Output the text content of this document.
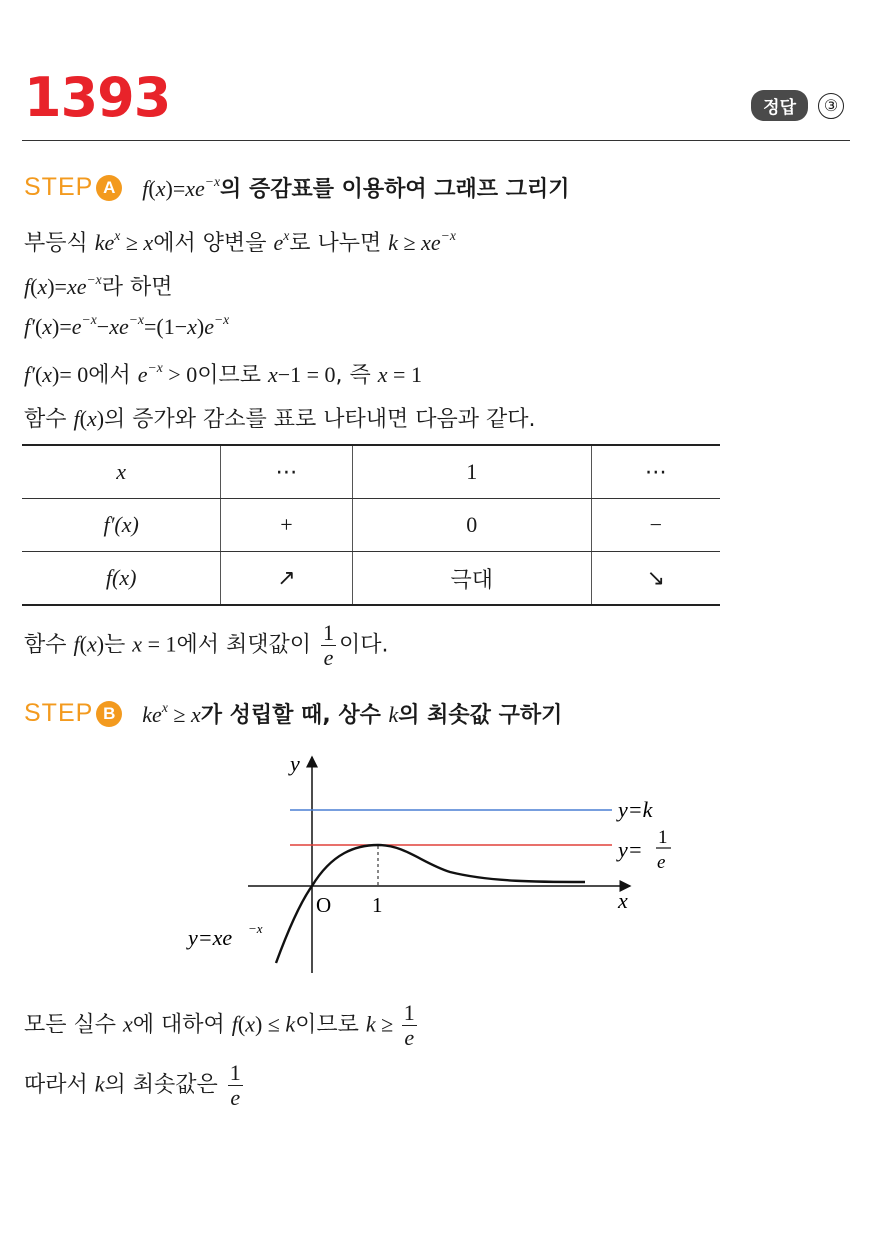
1393	정답	③
STEP A	$f(x)=xe^{-x}$의 증감표를 이용하여 그래프 그리기
부등식 $ke^x \ge x$에서 양변을 $e^x$로 나누면 $k \ge xe^{-x}$
$f(x)=xe^{-x}$라 하면
$f'(x)=e^{-x}-xe^{-x}=(1-x)e^{-x}$
f′(x)= 0에서 $e^{-x} > 0$이므로 x−1 = 0, 즉 x = 1
함수 f(x)의 증가와 감소를 표로 나타내면 다음과 같다.
x	⋯	1	⋯
f′(x)	+	0	−
f(x)	↗	극대	↘
함수 f(x)는 x = 1에서 최댓값이 $\frac{1}{e}$ 이다.
STEP B	$ke^x \ge x$가 성립할 때, 상수 k의 최솟값 구하기
y
x
O 1
y=k
y= 1
e
y=xe −x
모든 실수 x에 대하여 f(x) ≤ k이므로 $k \ge \frac{1}{e}$
따라서 k의 최솟값은 $\frac{1}{e}$
